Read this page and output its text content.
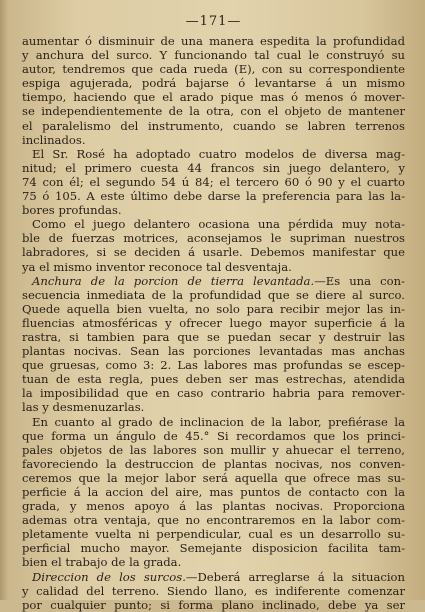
—171—
aumentar ó disminuir de una manera espedita la profundidad
y anchura del surco. Y funcionando tal cual le construyó su
autor, tendremos que cada rueda (E), con su correspondiente
espiga agujerada, podrá bajarse ó levantarse á un mismo
tiempo, haciendo que el arado pique mas ó menos ó mover-
se independientemente de la otra, con el objeto de mantener
el paralelismo del instrumento, cuando se labren terrenos
inclinados.
El Sr. Rosé ha adoptado cuatro modelos de diversa mag-
nitud; el primero cuesta 44 francos sin juego delantero, y
74 con él; el segundo 54 ú 84; el tercero 60 ó 90 y el cuarto
75 ó 105. A este último debe darse la preferencia para las la-
bores profundas.
Como el juego delantero ocasiona una pérdida muy nota-
ble de fuerzas motrices, aconsejamos le supriman nuestros
labradores, si se deciden á usarle. Debemos manifestar que
ya el mismo inventor reconoce tal desventaja.
Anchura de la porcion de tierra levantada.—Es una con-
secuencia inmediata de la profundidad que se diere al surco.
Quede aquella bien vuelta, no solo para recibir mejor las in-
fluencias atmosféricas y ofrecer luego mayor superficie á la
rastra, si tambien para que se puedan secar y destruir las
plantas nocivas. Sean las porciones levantadas mas anchas
que gruesas, como 3: 2. Las labores mas profundas se escep-
tuan de esta regla, pues deben ser mas estrechas, atendida
la imposibilidad que en caso contrario habria para remover-
las y desmenuzarlas.
En cuanto al grado de inclinacion de la labor, prefiérase la
que forma un ángulo de 45.° Si recordamos que los princi-
pales objetos de las labores son mullir y ahuecar el terreno,
favoreciendo la destruccion de plantas nocivas, nos conven-
ceremos que la mejor labor será aquella que ofrece mas su-
perficie á la accion del aire, mas puntos de contacto con la
grada, y menos apoyo á las plantas nocivas. Proporciona
ademas otra ventaja, que no encontraremos en la labor com-
pletamente vuelta ni perpendicular, cual es un desarrollo su-
perficial mucho mayor. Semejante disposicion facilita tam-
bien el trabajo de la grada.
Direccion de los surcos.—Deberá arreglarse á la situacion
y calidad del terreno. Siendo llano, es indiferente comenzar
por cualquier punto; si forma plano inclinado, debe ya ser
